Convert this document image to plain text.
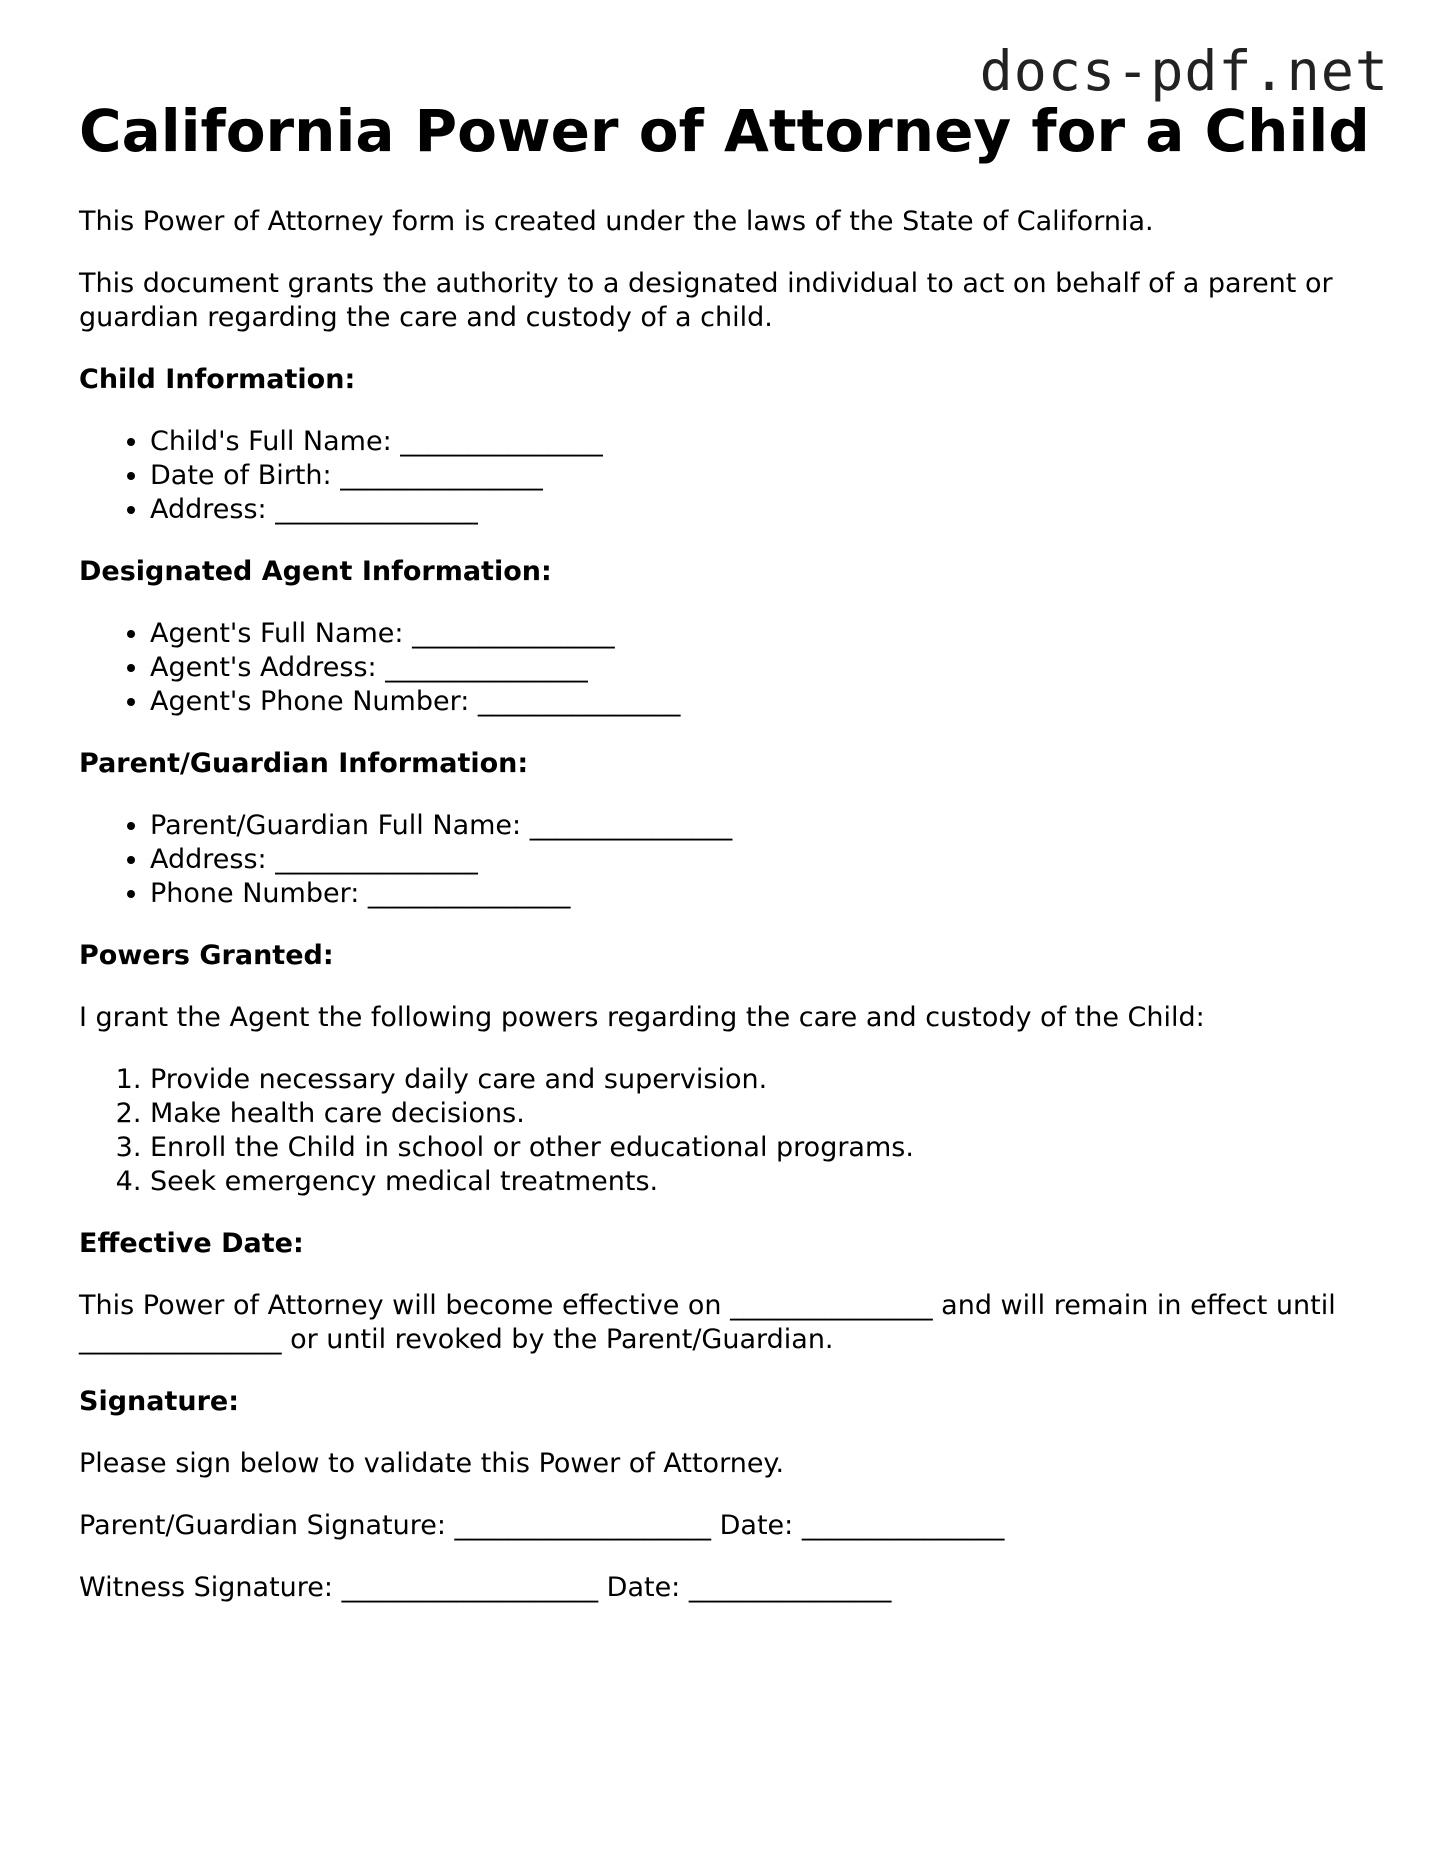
docs-pdf.net
California Power of Attorney for a Child

This Power of Attorney form is created under the laws of the State of California.

This document grants the authority to a designated individual to act on behalf of a parent or guardian regarding the care and custody of a child.

Child Information:
• Child's Full Name: _______________
• Date of Birth: _______________
• Address: _______________
Designated Agent Information:
• Agent's Full Name: _______________
• Agent's Address: _______________
• Agent's Phone Number: _______________
Parent/Guardian Information:
• Parent/Guardian Full Name: _______________
• Address: _______________
• Phone Number: _______________
Powers Granted:

I grant the Agent the following powers regarding the care and custody of the Child:

1. Provide necessary daily care and supervision.
2. Make health care decisions.
3. Enroll the Child in school or other educational programs.
4. Seek emergency medical treatments.
Effective Date:

This Power of Attorney will become effective on _______________ and will remain in effect until _______________ or until revoked by the Parent/Guardian.

Signature:

Please sign below to validate this Power of Attorney.

Parent/Guardian Signature: ___________________ Date: _______________

Witness Signature: ___________________ Date: _______________
